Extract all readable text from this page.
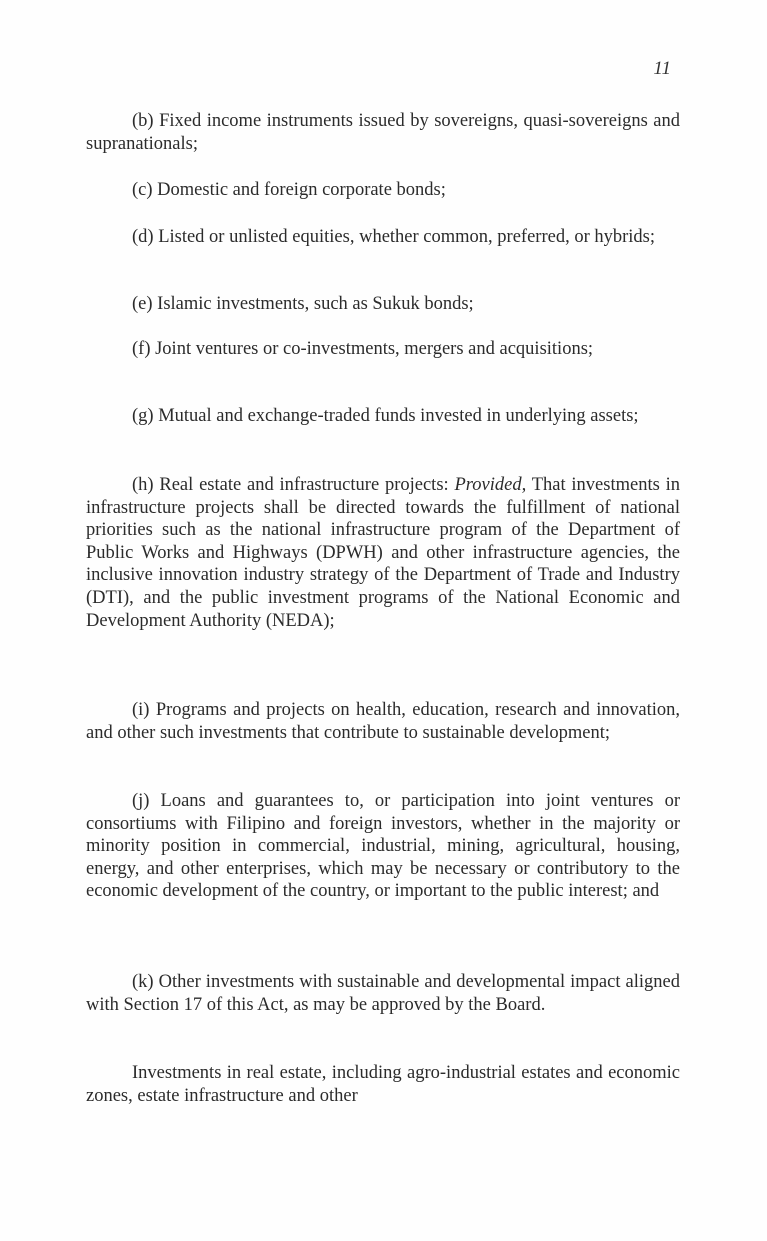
11

(b) Fixed income instruments issued by sovereigns, quasi-sovereigns and supranationals;

(c) Domestic and foreign corporate bonds;

(d) Listed or unlisted equities, whether common, preferred, or hybrids;

(e) Islamic investments, such as Sukuk bonds;

(f) Joint ventures or co-investments, mergers and acquisitions;

(g) Mutual and exchange-traded funds invested in underlying assets;

(h) Real estate and infrastructure projects: Provided, That investments in infrastructure projects shall be directed towards the fulfillment of national priorities such as the national infrastructure program of the Department of Public Works and Highways (DPWH) and other infrastructure agencies, the inclusive innovation industry strategy of the Department of Trade and Industry (DTI), and the public investment programs of the National Economic and Development Authority (NEDA);

(i) Programs and projects on health, education, research and innovation, and other such investments that contribute to sustainable development;

(j) Loans and guarantees to, or participation into joint ventures or consortiums with Filipino and foreign investors, whether in the majority or minority position in commercial, industrial, mining, agricultural, housing, energy, and other enterprises, which may be necessary or contributory to the economic development of the country, or important to the public interest; and

(k) Other investments with sustainable and developmental impact aligned with Section 17 of this Act, as may be approved by the Board.

Investments in real estate, including agro-industrial estates and economic zones, estate infrastructure and other
